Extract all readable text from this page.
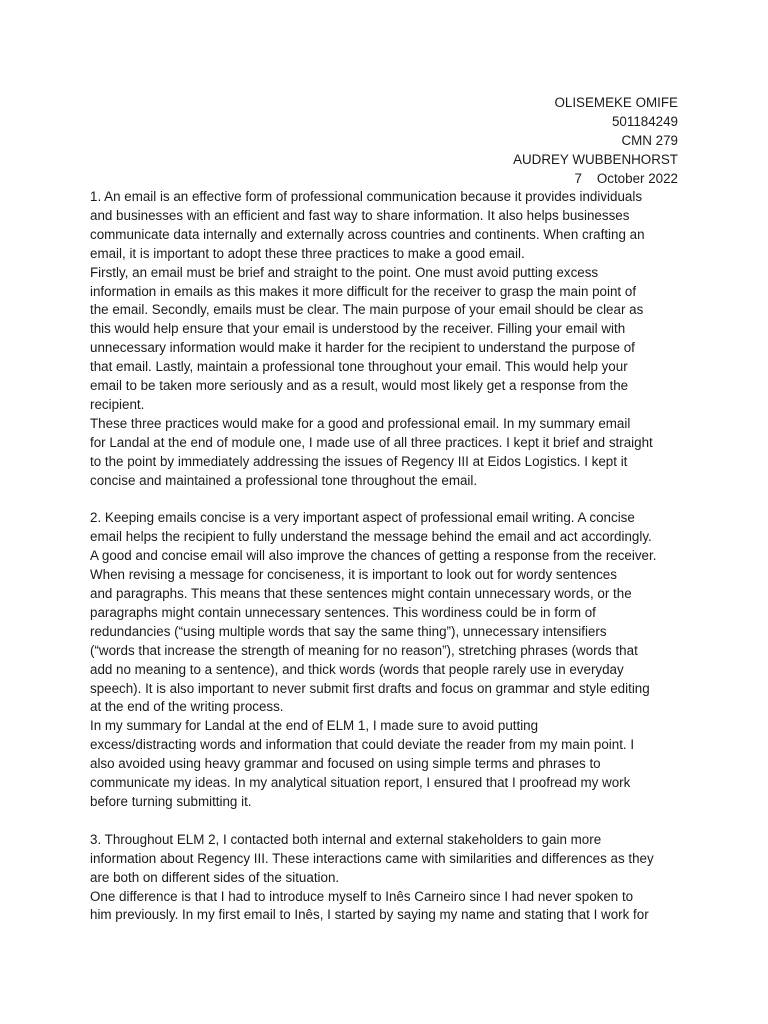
OLISEMEKE OMIFE
501184249
CMN 279
AUDREY WUBBENHORST
7    October 2022

1. An email is an effective form of professional communication because it provides individuals
and businesses with an efficient and fast way to share information. It also helps businesses
communicate data internally and externally across countries and continents. When crafting an
email, it is important to adopt these three practices to make a good email.

Firstly, an email must be brief and straight to the point. One must avoid putting excess
information in emails as this makes it more difficult for the receiver to grasp the main point of
the email. Secondly, emails must be clear. The main purpose of your email should be clear as
this would help ensure that your email is understood by the receiver. Filling your email with
unnecessary information would make it harder for the recipient to understand the purpose of
that email. Lastly, maintain a professional tone throughout your email. This would help your
email to be taken more seriously and as a result, would most likely get a response from the
recipient.

These three practices would make for a good and professional email. In my summary email
for Landal at the end of module one, I made use of all three practices. I kept it brief and straight
to the point by immediately addressing the issues of Regency III at Eidos Logistics. I kept it
concise and maintained a professional tone throughout the email.

2. Keeping emails concise is a very important aspect of professional email writing. A concise
email helps the recipient to fully understand the message behind the email and act accordingly.
A good and concise email will also improve the chances of getting a response from the receiver.

When revising a message for conciseness, it is important to look out for wordy sentences
and paragraphs. This means that these sentences might contain unnecessary words, or the
paragraphs might contain unnecessary sentences. This wordiness could be in form of
redundancies (“using multiple words that say the same thing”), unnecessary intensifiers
(“words that increase the strength of meaning for no reason”), stretching phrases (words that
add no meaning to a sentence), and thick words (words that people rarely use in everyday
speech). It is also important to never submit first drafts and focus on grammar and style editing
at the end of the writing process.

In my summary for Landal at the end of ELM 1, I made sure to avoid putting
excess/distracting words and information that could deviate the reader from my main point. I
also avoided using heavy grammar and focused on using simple terms and phrases to
communicate my ideas. In my analytical situation report, I ensured that I proofread my work
before turning submitting it.

3. Throughout ELM 2, I contacted both internal and external stakeholders to gain more
information about Regency III. These interactions came with similarities and differences as they
are both on different sides of the situation.

One difference is that I had to introduce myself to Inês Carneiro since I had never spoken to
him previously. In my first email to Inês, I started by saying my name and stating that I work for
